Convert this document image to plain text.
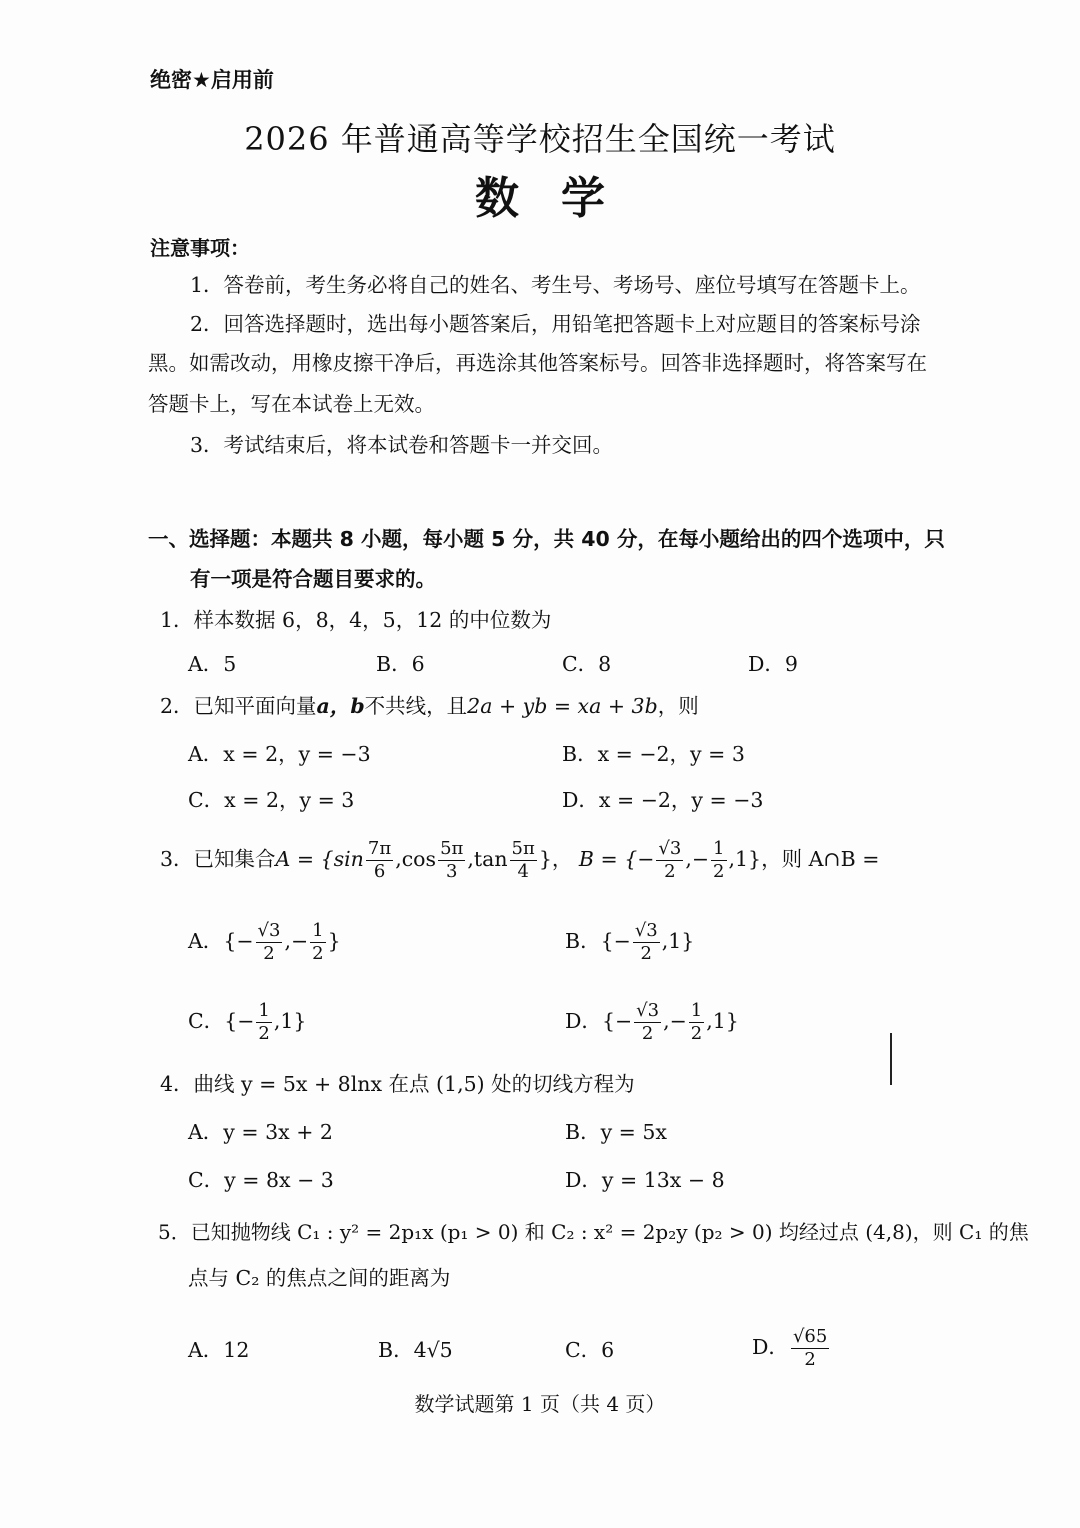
绝密★启用前
2026 年普通高等学校招生全国统一考试
数学
注意事项：
1．答卷前，考生务必将自己的姓名、考生号、考场号、座位号填写在答题卡上。
2．回答选择题时，选出每小题答案后，用铅笔把答题卡上对应题目的答案标号涂
黑。如需改动，用橡皮擦干净后，再选涂其他答案标号。回答非选择题时，将答案写在
答题卡上，写在本试卷上无效。
3．考试结束后，将本试卷和答题卡一并交回。
一、选择题：本题共 8 小题，每小题 5 分，共 40 分，在每小题给出的四个选项中，只
有一项是符合题目要求的。
1．样本数据 6，8，4，5，12 的中位数为
A．5	B．6	C．8	D．9
2．已知平面向量a，b不共线，且2a + yb = xa + 3b，则
A．x = 2，y = −3	B．x = −2，y = 3
C．x = 2，y = 3	D．x = −2，y = −3
3．已知集合$A = \{\sin \frac{7\pi}{6} ,\cos \frac{5\pi}{3} ,\tan \frac{5\pi}{4}$ }， B = {− $\frac{√3}{2}$ ,− $\frac{1}{2} ,1$}，则 A∩B =
A．{− $\frac{√3}{2}$ ,− $\frac{1}{2}$ }	B．{− $\frac{√3}{2} ,1$}
C．{− $\frac{1}{2} ,1$}	D．{− $\frac{√3}{2}$ ,− $\frac{1}{2} ,1$}
4．曲线 y = 5x + 8lnx 在点 (1,5) 处的切线方程为
A．y = 3x + 2	B．y = 5x
C．y = 8x − 3	D．y = 13x − 8
5．已知抛物线 C₁ : y² = 2p₁x (p₁ > 0) 和 C₂ : x² = 2p₂y (p₂ > 0) 均经过点 (4,8)，则 C₁ 的焦
点与 C₂ 的焦点之间的距离为
A．12	B．4√5	C．6	D． $\frac{√65}{2}$
数学试题第 1 页（共 4 页）
